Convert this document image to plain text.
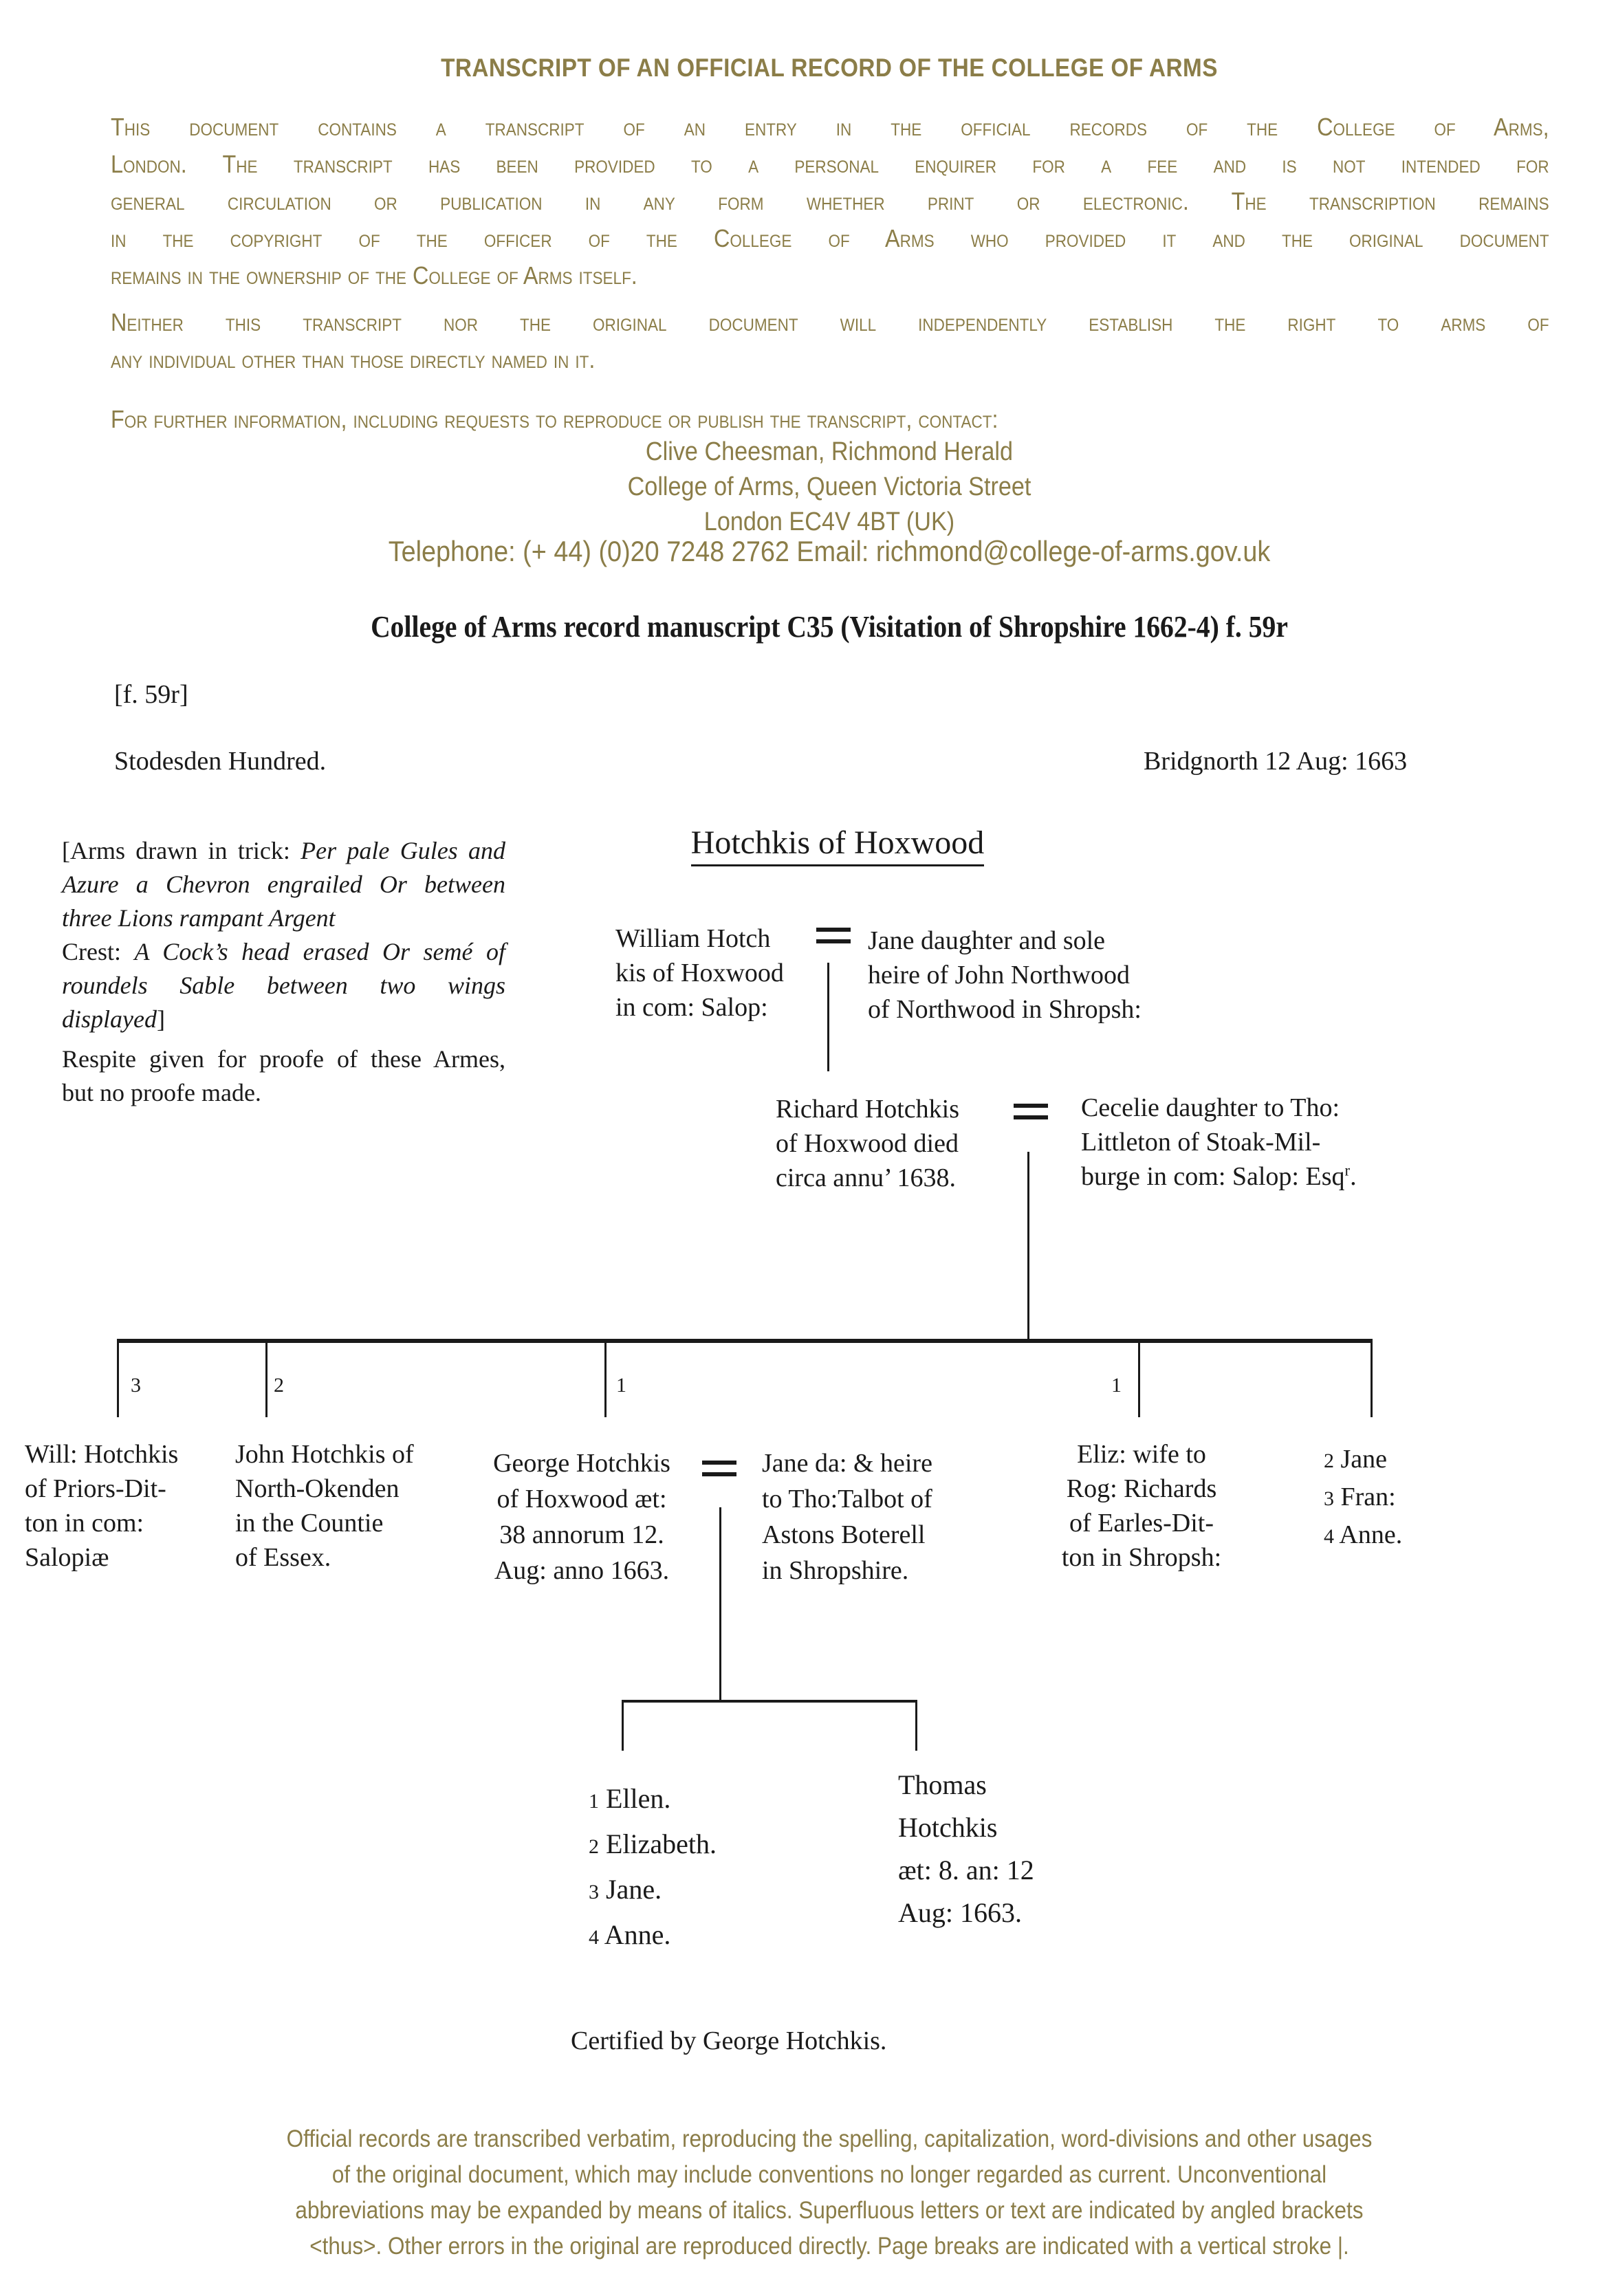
TRANSCRIPT OF AN OFFICIAL RECORD OF THE COLLEGE OF ARMS
This document contains a transcript of an entry in the official records of the College of Arms,
London. The transcript has been provided to a personal enquirer for a fee and is not intended for
general circulation or publication in any form whether print or electronic. The transcription remains
in the copyright of the officer of the College of Arms who provided it and the original document
remains in the ownership of the College of Arms itself.
Neither this transcript nor the original document will independently establish the right to arms of
any individual other than those directly named in it.
For further information, including requests to reproduce or publish the transcript, contact:
Clive Cheesman, Richmond Herald
College of Arms, Queen Victoria Street
London EC4V 4BT (UK)
Telephone: (+ 44) (0)20 7248 2762 Email: richmond@college-of-arms.gov.uk
College of Arms record manuscript C35 (Visitation of Shropshire 1662-4) f. 59r
[f. 59r]
Stodesden Hundred.	Bridgnorth 12 Aug: 1663
[Arms drawn in trick: Per pale Gules and
Azure a Chevron engrailed Or between
three Lions rampant Argent
Crest: A Cock’s head erased Or semé of
roundels Sable between two wings
displayed]
Respite given for proofe of these Armes,
but no proofe made.
Hotchkis of Hoxwood
William Hotch
kis of Hoxwood
in com: Salop:
Jane daughter and sole
heire of John Northwood
of Northwood in Shropsh:
Richard Hotchkis
of Hoxwood died
circa annu’ 1638.
Cecelie daughter to Tho:
Littleton of Stoak-Mil-
burge in com: Salop: Esq$^r$.
3	2	1	1
Will: Hotchkis
of Priors-Dit-
ton in com:
Salopiæ
John Hotchkis of
North-Okenden
in the Countie
of Essex.
George Hotchkis
of Hoxwood æt:
38 annorum 12.
Aug: anno 1663.
Jane da: & heire
to Tho:Talbot of
Astons Boterell
in Shropshire.
Eliz: wife to
Rog: Richards
of Earles-Dit-
ton in Shropsh:
2 Jane
3 Fran:
4 Anne.
1 Ellen.
2 Elizabeth.
3 Jane.
4 Anne.
Thomas
Hotchkis
æt: 8. an: 12
Aug: 1663.
Certified by George Hotchkis.
Official records are transcribed verbatim, reproducing the spelling, capitalization, word-divisions and other usages
of the original document, which may include conventions no longer regarded as current. Unconventional
abbreviations may be expanded by means of italics. Superfluous letters or text are indicated by angled brackets
<thus>. Other errors in the original are reproduced directly. Page breaks are indicated with a vertical stroke |.
